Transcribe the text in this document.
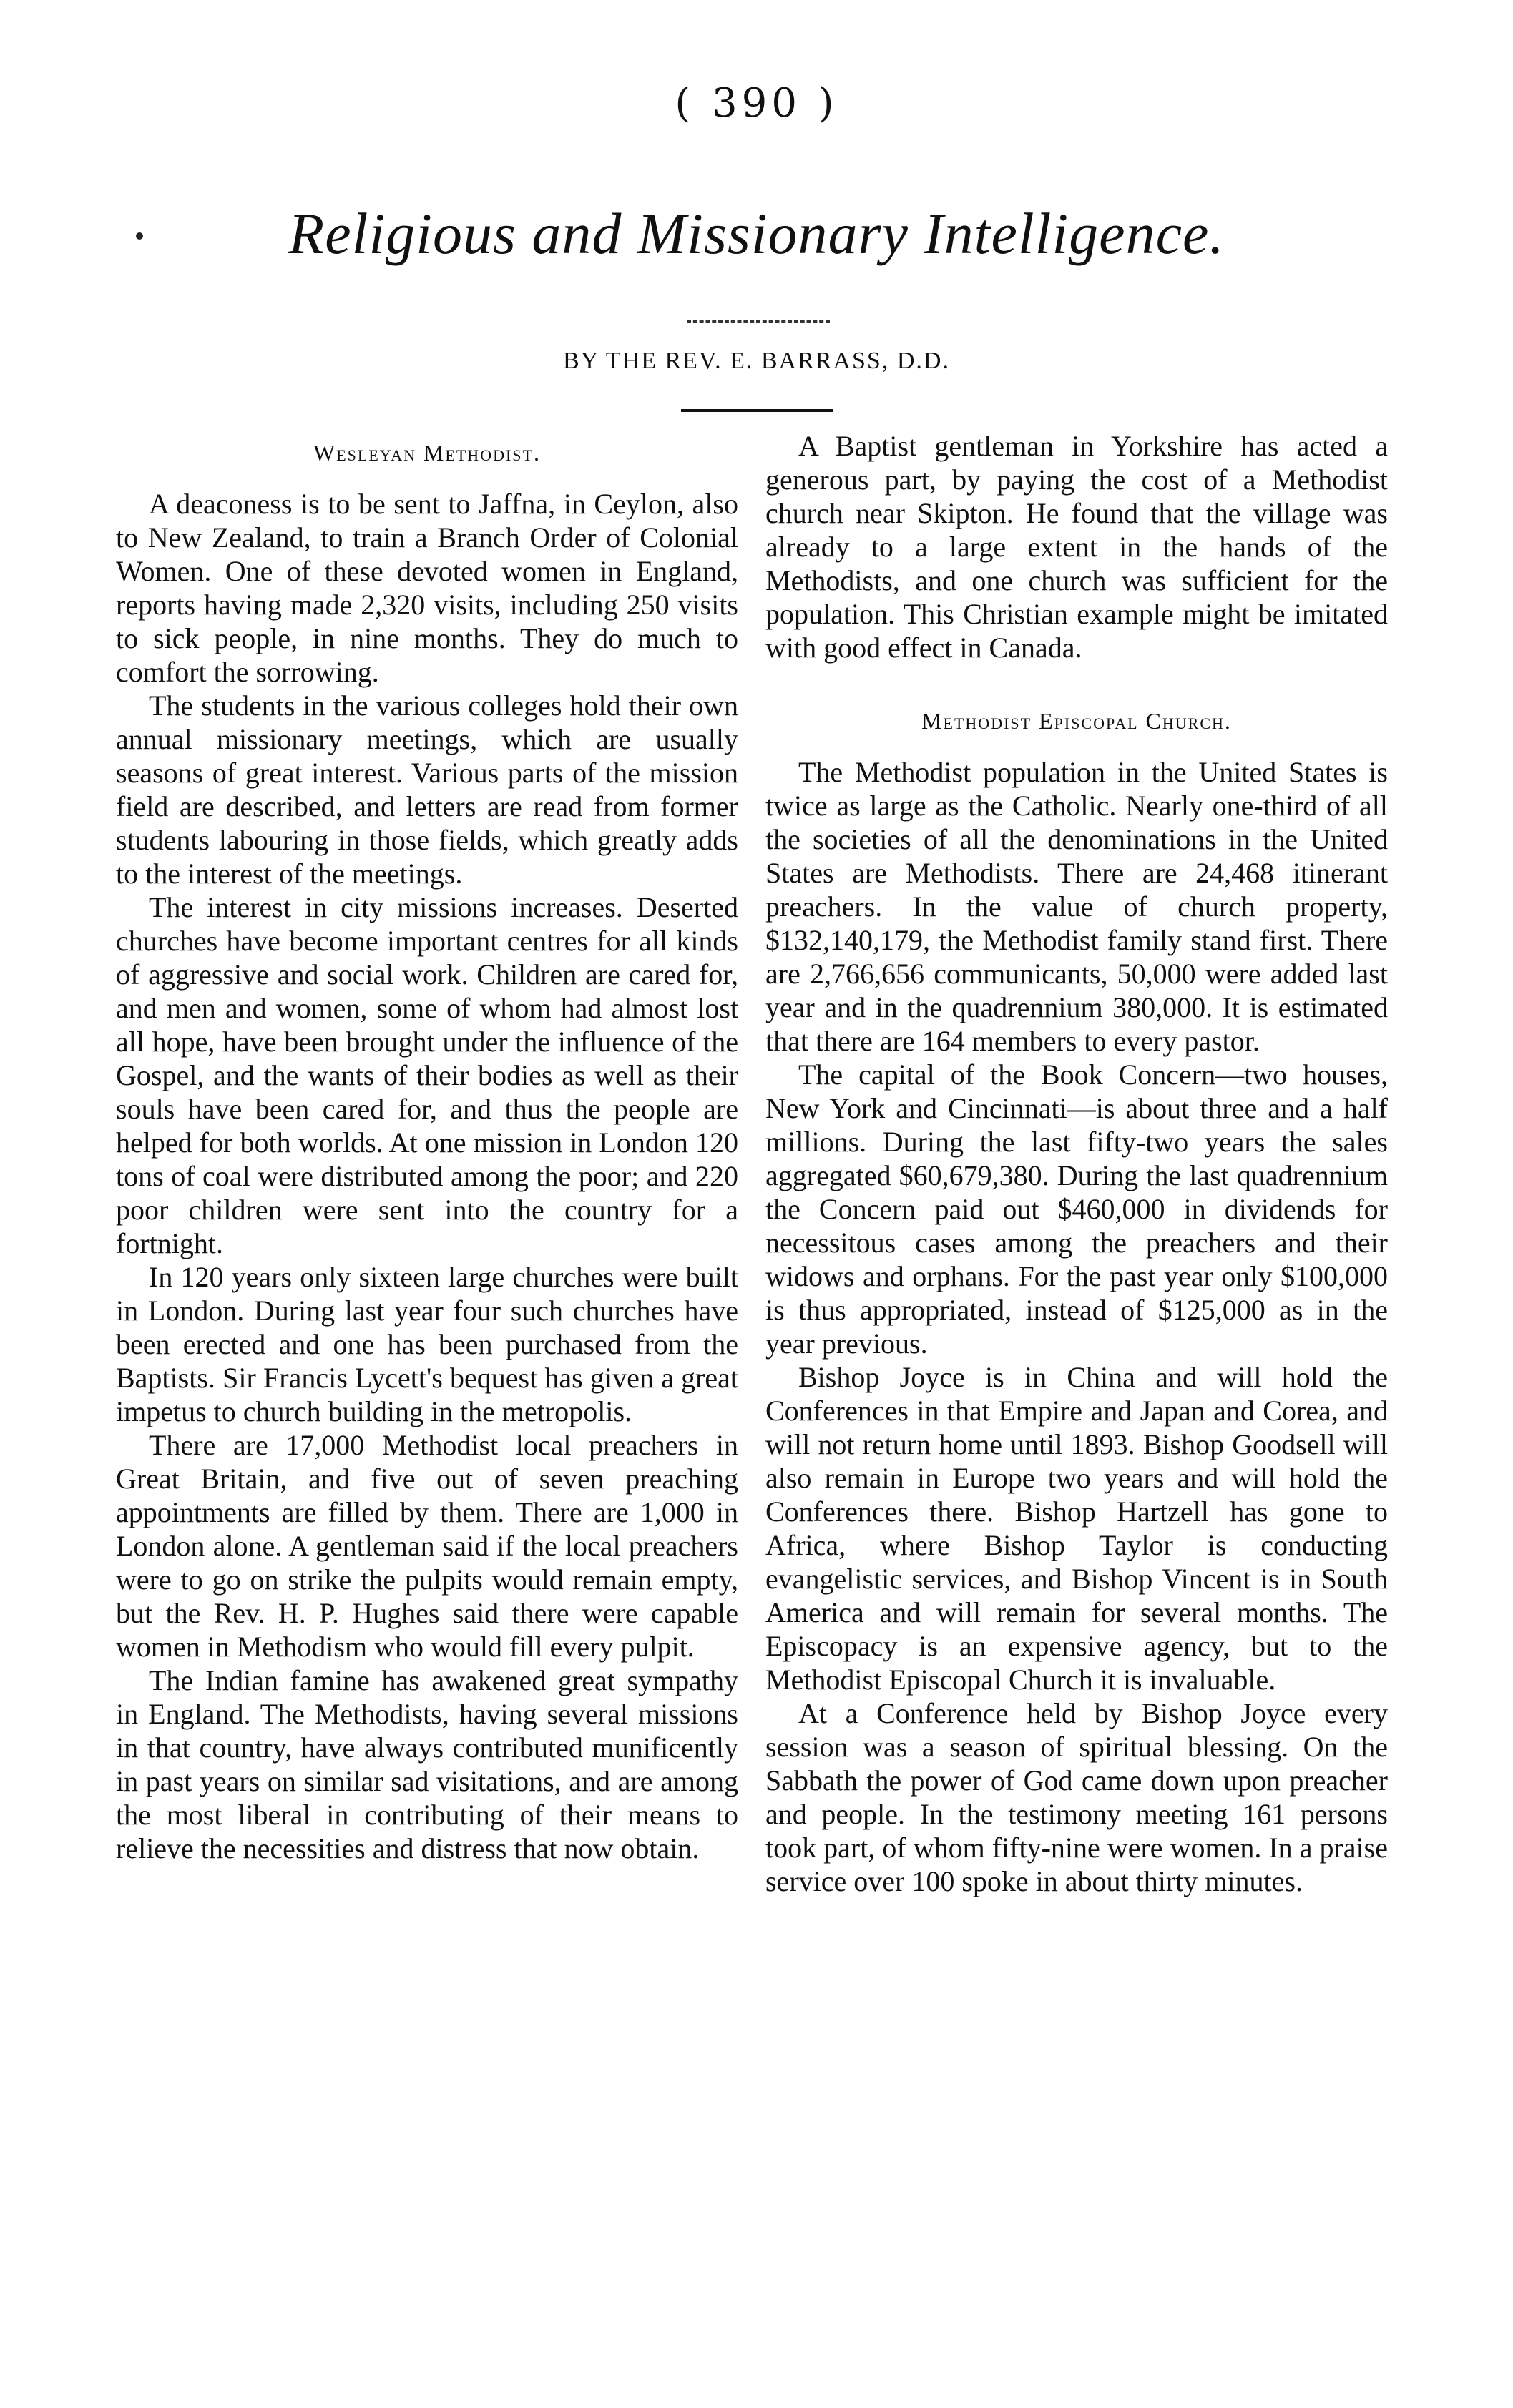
( 390 )
Religious and Missionary Intelligence.
BY THE REV. E. BARRASS, D.D.
Wesleyan Methodist.

A deaconess is to be sent to Jaffna, in Ceylon, also to New Zealand, to train a Branch Order of Colonial Women. One of these devoted women in England, reports having made 2,320 visits, including 250 visits to sick people, in nine months. They do much to comfort the sorrowing.

The students in the various colleges hold their own annual missionary meetings, which are usually seasons of great interest. Various parts of the mission field are described, and letters are read from former students labouring in those fields, which greatly adds to the interest of the meetings.

The interest in city missions increases. Deserted churches have become important centres for all kinds of aggressive and social work. Children are cared for, and men and women, some of whom had almost lost all hope, have been brought under the influence of the Gospel, and the wants of their bodies as well as their souls have been cared for, and thus the people are helped for both worlds. At one mission in London 120 tons of coal were distributed among the poor; and 220 poor children were sent into the country for a fortnight.

In 120 years only sixteen large churches were built in London. During last year four such churches have been erected and one has been purchased from the Baptists. Sir Francis Lycett's bequest has given a great impetus to church building in the metropolis.

There are 17,000 Methodist local preachers in Great Britain, and five out of seven preaching appointments are filled by them. There are 1,000 in London alone. A gentleman said if the local preachers were to go on strike the pulpits would remain empty, but the Rev. H. P. Hughes said there were capable women in Methodism who would fill every pulpit.

The Indian famine has awakened great sympathy in England. The Methodists, having several missions in that country, have always contributed munificently in past years on similar sad visitations, and are among the most liberal in contributing of their means to relieve the necessities and distress that now obtain.

A Baptist gentleman in Yorkshire has acted a generous part, by paying the cost of a Methodist church near Skipton. He found that the village was already to a large extent in the hands of the Methodists, and one church was sufficient for the population. This Christian example might be imitated with good effect in Canada.

Methodist Episcopal Church.

The Methodist population in the United States is twice as large as the Catholic. Nearly one-third of all the societies of all the denominations in the United States are Methodists. There are 24,468 itinerant preachers. In the value of church property, $132,140,179, the Methodist family stand first. There are 2,766,656 communicants, 50,000 were added last year and in the quadrennium 380,000. It is estimated that there are 164 members to every pastor.

The capital of the Book Concern—two houses, New York and Cincinnati—is about three and a half millions. During the last fifty-two years the sales aggregated $60,679,380. During the last quadrennium the Concern paid out $460,000 in dividends for necessitous cases among the preachers and their widows and orphans. For the past year only $100,000 is thus appropriated, instead of $125,000 as in the year previous.

Bishop Joyce is in China and will hold the Conferences in that Empire and Japan and Corea, and will not return home until 1893. Bishop Goodsell will also remain in Europe two years and will hold the Conferences there. Bishop Hartzell has gone to Africa, where Bishop Taylor is conducting evangelistic services, and Bishop Vincent is in South America and will remain for several months. The Episcopacy is an expensive agency, but to the Methodist Episcopal Church it is invaluable.

At a Conference held by Bishop Joyce every session was a season of spiritual blessing. On the Sabbath the power of God came down upon preacher and people. In the testimony meeting 161 persons took part, of whom fifty-nine were women. In a praise service over 100 spoke in about thirty minutes.
